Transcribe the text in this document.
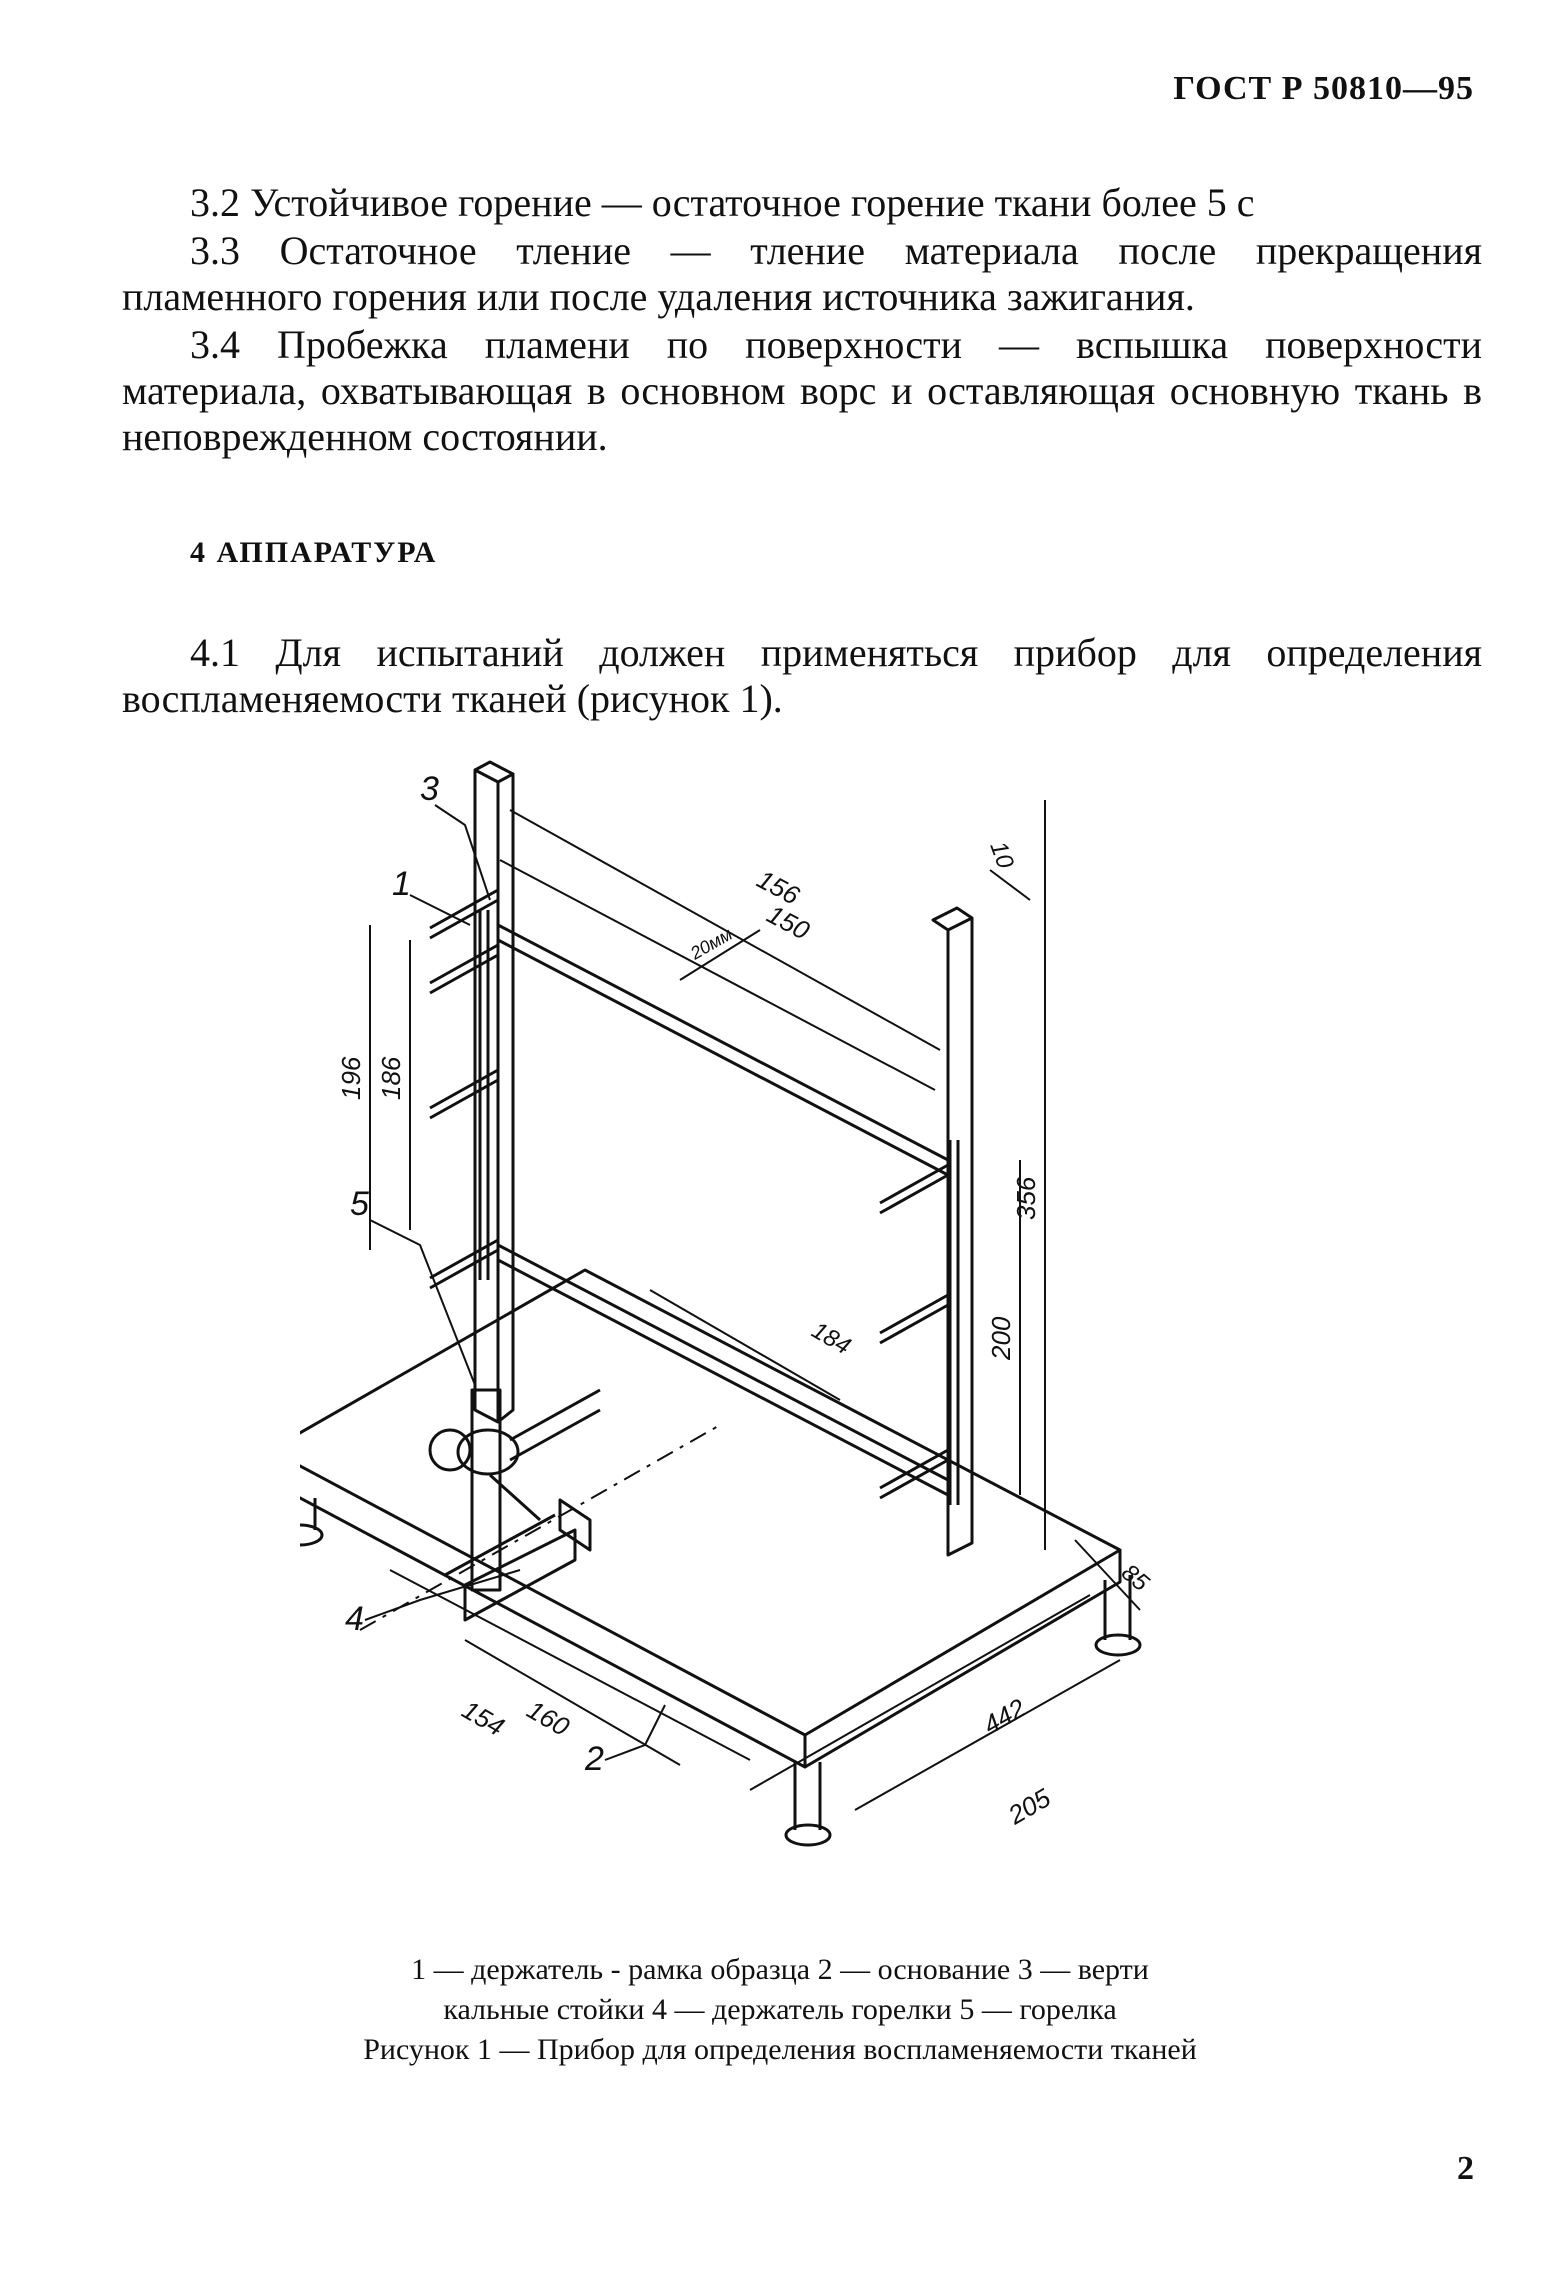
ГОСТ Р 50810—95
3.2 Устойчивое горение — остаточное горение ткани более 5 с
3.3 Остаточное тление — тление материала после прекращения пламенного горения или после удаления источника зажигания.
3.4 Пробежка пламени по поверхности — вспышка поверхности материала, охватывающая в основном ворс и оставляющая основную ткань в неповрежденном состоянии.
4 АППАРАТУРА
4.1 Для испытаний должен применяться прибор для определения воспламеняемости тканей (рисунок 1).
3
1
5
4
2
156
150
10
20мм
196 186
200
356
184
85
442
154 160
205
1 — держатель - рамка образца 2 — основание 3 — верти
кальные стойки 4 — держатель горелки 5 — горелка
Рисунок 1 — Прибор для определения воспламеняемости тканей
2
